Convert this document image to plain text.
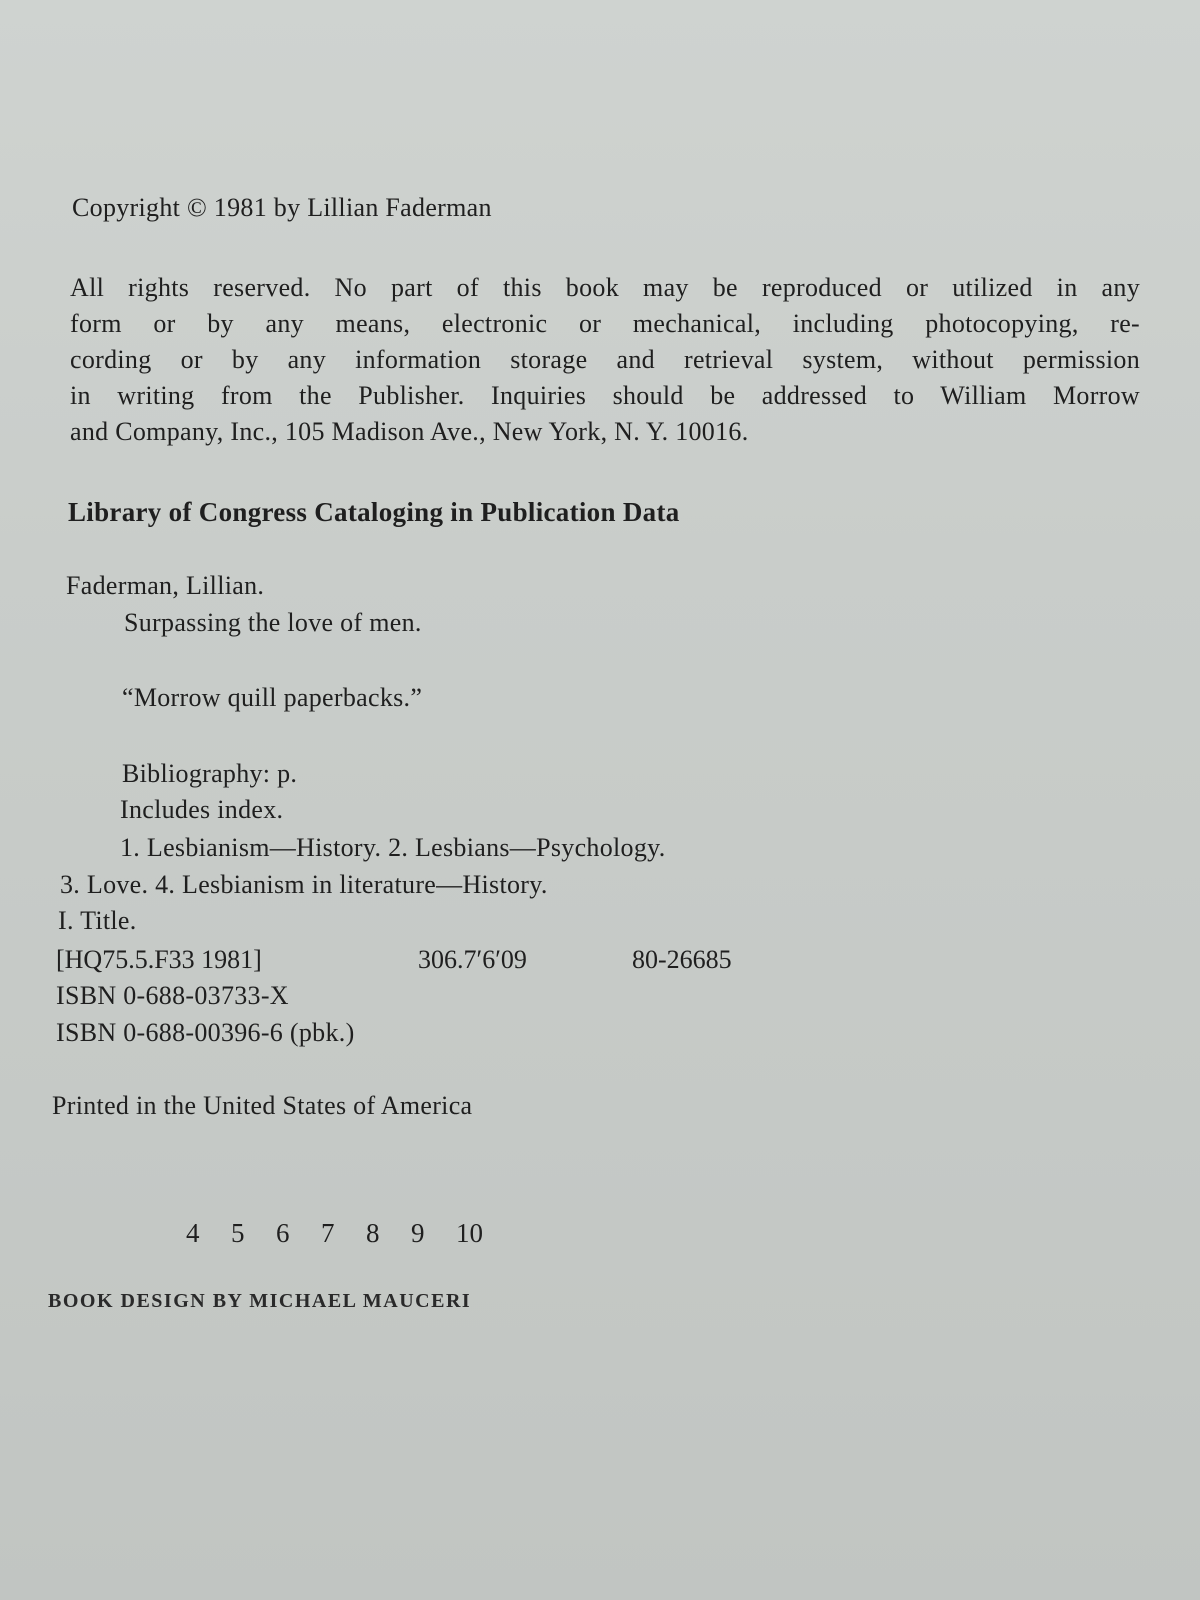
Copyright © 1981 by Lillian Faderman
All rights reserved. No part of this book may be reproduced or utilized in any
form or by any means, electronic or mechanical, including photocopying, re-
cording or by any information storage and retrieval system, without permission
in writing from the Publisher. Inquiries should be addressed to William Morrow
and Company, Inc., 105 Madison Ave., New York, N. Y. 10016.
Library of Congress Cataloging in Publication Data
Faderman, Lillian.
Surpassing the love of men.
“Morrow quill paperbacks.”
Bibliography: p.
Includes index.
1. Lesbianism—History. 2. Lesbians—Psychology.
3. Love. 4. Lesbianism in literature—History.
I. Title.
[HQ75.5.F33 1981]	306.7′6′09	80-26685
ISBN 0-688-03733-X
ISBN 0-688-00396-6 (pbk.)
Printed in the United States of America
4	5	6	7	8	9	10
BOOK DESIGN BY MICHAEL MAUCERI
